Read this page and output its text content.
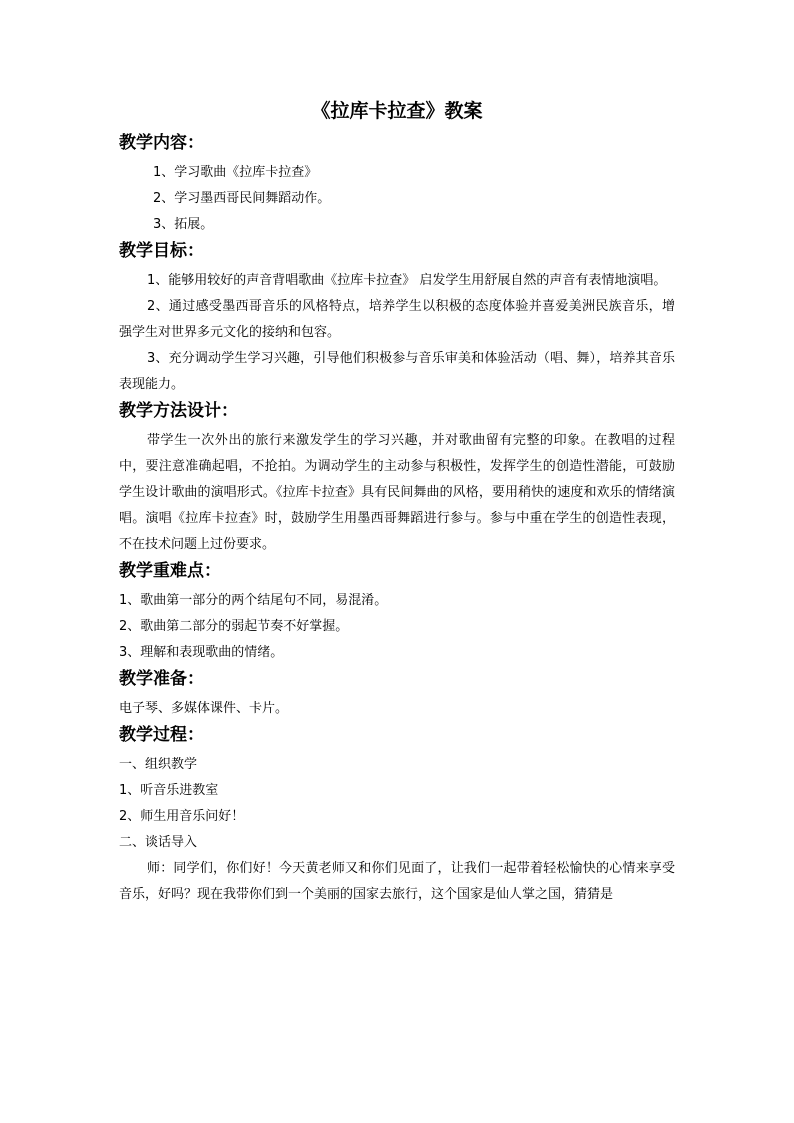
《拉库卡拉查》教案
教学内容：
1、学习歌曲《拉库卡拉查》
2、学习墨西哥民间舞蹈动作。
3、拓展。
教学目标：
1、能够用较好的声音背唱歌曲《拉库卡拉查》 启发学生用舒展自然的声音有表情地演唱。
2、通过感受墨西哥音乐的风格特点，培养学生以积极的态度体验并喜爱美洲民族音乐，增强学生对世界多元文化的接纳和包容。
3、充分调动学生学习兴趣，引导他们积极参与音乐审美和体验活动（唱、舞），培养其音乐表现能力。
教学方法设计：
带学生一次外出的旅行来激发学生的学习兴趣，并对歌曲留有完整的印象。在教唱的过程中，要注意准确起唱，不抢拍。为调动学生的主动参与积极性，发挥学生的创造性潜能，可鼓励学生设计歌曲的演唱形式。《拉库卡拉查》具有民间舞曲的风格，要用稍快的速度和欢乐的情绪演唱。演唱《拉库卡拉查》时，鼓励学生用墨西哥舞蹈进行参与。参与中重在学生的创造性表现，不在技术问题上过份要求。
教学重难点：
1、歌曲第一部分的两个结尾句不同，易混淆。
2、歌曲第二部分的弱起节奏不好掌握。
3、理解和表现歌曲的情绪。
教学准备：
电子琴、多媒体课件、卡片。
教学过程：
一、组织教学
1、听音乐进教室
2、师生用音乐问好！
二、谈话导入
师：同学们，你们好！今天黄老师又和你们见面了，让我们一起带着轻松愉快的心情来享受音乐，好吗？现在我带你们到一个美丽的国家去旅行，这个国家是仙人掌之国，猜猜是
